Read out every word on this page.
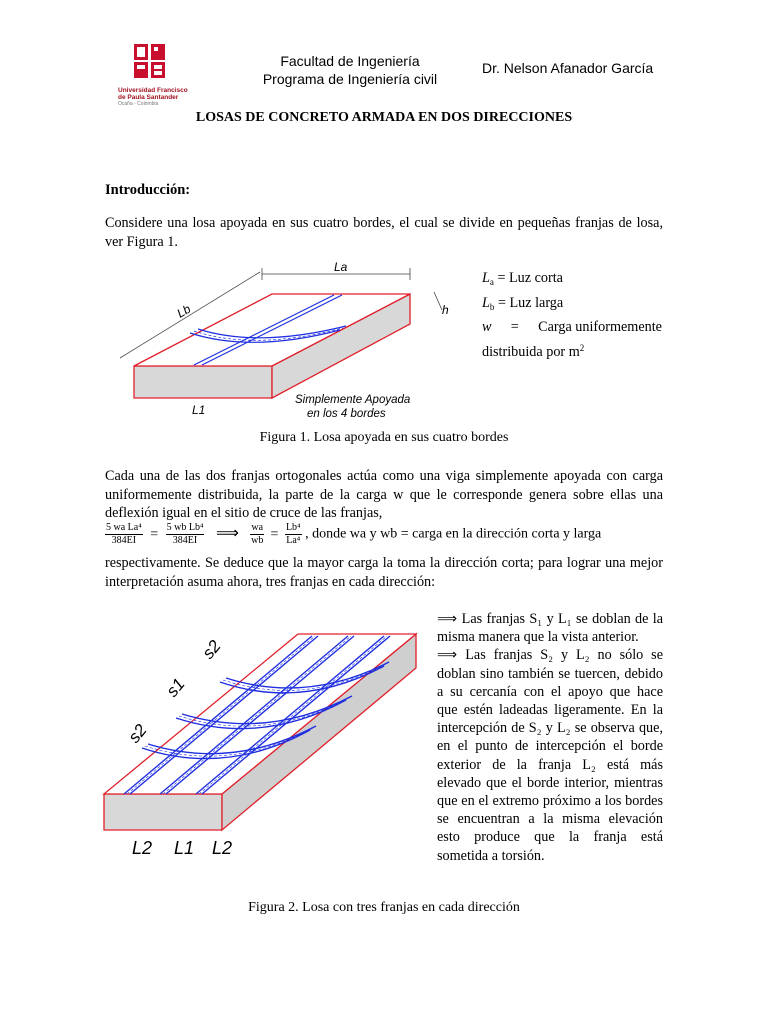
Universidad Francisco
de Paula Santander
Ocaña - Colombia
Facultad de Ingeniería
Programa de Ingeniería civil
Dr. Nelson Afanador García
LOSAS DE CONCRETO ARMADA EN DOS DIRECCIONES
Introducción:
Considere una losa apoyada en sus cuatro bordes, el cual se divide en pequeñas franjas de losa, ver Figura 1.
La
Lb	h
L1
Simplemente Apoyada
en los 4 bordes
$L_a$ = Luz corta
$L_b$ = Luz larga
w = Carga uniformemente
distribuida por $m^2$
Figura 1. Losa apoyada en sus cuatro bordes
Cada una de las dos franjas ortogonales actúa como una viga simplemente apoyada con carga uniformemente distribuida, la parte de la carga w que le corresponde genera sobre ellas una deflexión igual en el sitio de cruce de las franjas,
$\frac{\text{5 wa La⁴}}{384EI} = \frac{\text{5 wb Lb⁴}}{384EI}$ ⟹ $\frac{wa}{wb} = \frac{\text{Lb⁴}}{\text{La⁴}}$ , donde wa y wb = carga en la dirección corta y larga
respectivamente. Se deduce que la mayor carga la toma la dirección corta; para lograr una mejor interpretación asuma ahora, tres franjas en cada dirección:
s2
s1
s2
L2 L1 L2
⟹ Las franjas S₁ y L₁ se doblan de la misma manera que la vista anterior.
⟹ Las franjas S₂ y L₂ no sólo se doblan sino también se tuercen, debido a su cercanía con el apoyo que hace que estén ladeadas ligeramente. En la intercepción de S₂ y L₂ se observa que, en el punto de intercepción el borde exterior de la franja L₂ está más elevado que el borde interior, mientras que en el extremo próximo a los bordes se encuentran a la misma elevación esto produce que la franja está sometida a torsión.
Figura 2. Losa con tres franjas en cada dirección
